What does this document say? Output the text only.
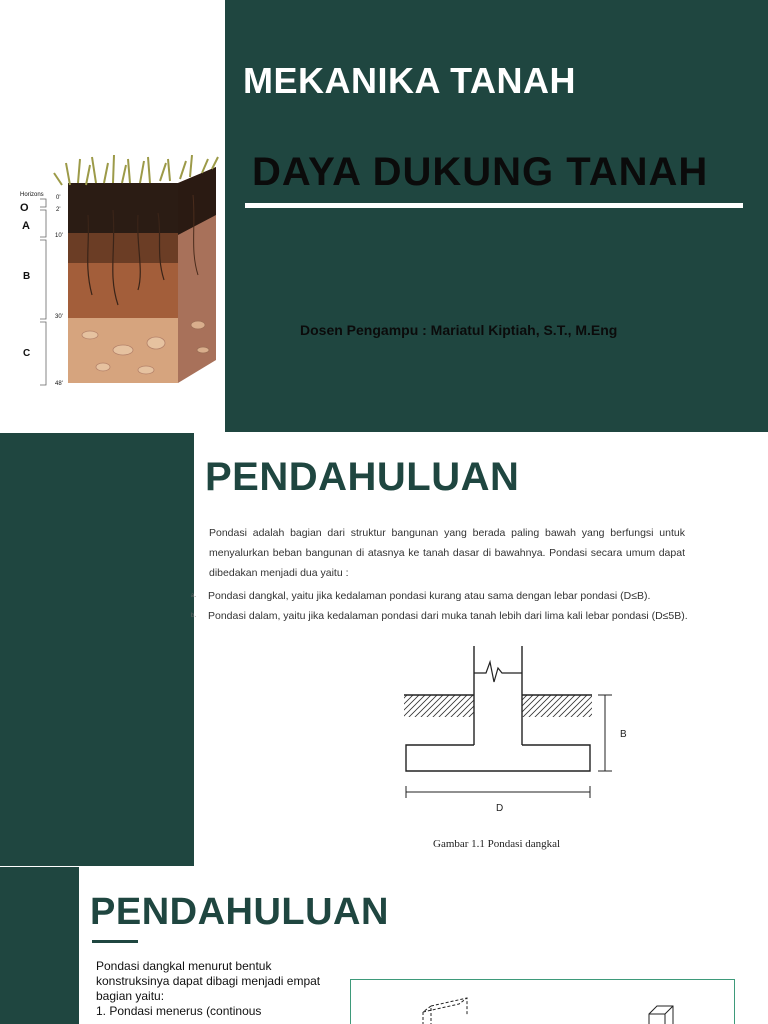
MEKANIKA TANAH
DAYA DUKUNG TANAH
Dosen Pengampu : Mariatul Kiptiah, S.T., M.Eng
Horizons
O
A
B
C
0'
2'
10'
30'
48'
PENDAHULUAN

Pondasi adalah bagian dari struktur bangunan yang berada paling bawah yang berfungsi untuk menyalurkan beban bangunan di atasnya ke tanah dasar di bawahnya. Pondasi secara umum dapat dibedakan menjadi dua yaitu :

a. Pondasi dangkal, yaitu jika kedalaman pondasi kurang atau sama dengan lebar pondasi (D≤B).
b. Pondasi dalam, yaitu jika kedalaman pondasi dari muka tanah lebih dari lima kali lebar pondasi (D≤5B).
B
D
Gambar 1.1 Pondasi dangkal
PENDAHULUAN

Pondasi dangkal menurut bentuk konstruksinya dapat dibagi menjadi empat bagian yaitu:

1. Pondasi menerus (continous
